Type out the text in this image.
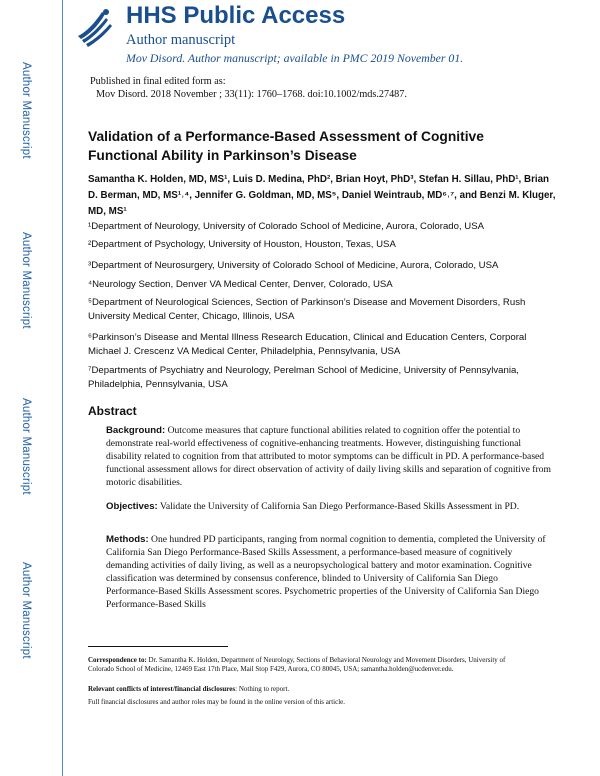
Author Manuscript
Author Manuscript
Author Manuscript
Author Manuscript
HHS Public Access
Author manuscript
Mov Disord. Author manuscript; available in PMC 2019 November 01.
Published in final edited form as:
Mov Disord. 2018 November ; 33(11): 1760–1768. doi:10.1002/mds.27487.
Validation of a Performance-Based Assessment of Cognitive Functional Ability in Parkinson’s Disease
Samantha K. Holden, MD, MS¹, Luis D. Medina, PhD², Brian Hoyt, PhD³, Stefan H. Sillau, PhD¹, Brian D. Berman, MD, MS¹˒⁴, Jennifer G. Goldman, MD, MS⁵, Daniel Weintraub, MD⁶˒⁷, and Benzi M. Kluger, MD, MS¹
¹Department of Neurology, University of Colorado School of Medicine, Aurora, Colorado, USA
²Department of Psychology, University of Houston, Houston, Texas, USA
³Department of Neurosurgery, University of Colorado School of Medicine, Aurora, Colorado, USA
⁴Neurology Section, Denver VA Medical Center, Denver, Colorado, USA
⁵Department of Neurological Sciences, Section of Parkinson’s Disease and Movement Disorders, Rush University Medical Center, Chicago, Illinois, USA
⁶Parkinson’s Disease and Mental Illness Research Education, Clinical and Education Centers, Corporal Michael J. Crescenz VA Medical Center, Philadelphia, Pennsylvania, USA
⁷Departments of Psychiatry and Neurology, Perelman School of Medicine, University of Pennsylvania, Philadelphia, Pennsylvania, USA
Abstract
Background: Outcome measures that capture functional abilities related to cognition offer the potential to demonstrate real-world effectiveness of cognitive-enhancing treatments. However, distinguishing functional disability related to cognition from that attributed to motor symptoms can be difficult in PD. A performance-based functional assessment allows for direct observation of activity of daily living skills and separation of cognitive from motoric disabilities.
Objectives: Validate the University of California San Diego Performance-Based Skills Assessment in PD.
Methods: One hundred PD participants, ranging from normal cognition to dementia, completed the University of California San Diego Performance-Based Skills Assessment, a performance-based measure of cognitively demanding activities of daily living, as well as a neuropsychological battery and motor examination. Cognitive classification was determined by consensus conference, blinded to University of California San Diego Performance-Based Skills Assessment scores. Psychometric properties of the University of California San Diego Performance-Based Skills
Correspondence to: Dr. Samantha K. Holden, Department of Neurology, Sections of Behavioral Neurology and Movement Disorders, University of Colorado School of Medicine, 12469 East 17th Place, Mail Stop F429, Aurora, CO 80045, USA; samantha.holden@ucdenver.edu.
Relevant conflicts of interest/financial disclosures: Nothing to report.
Full financial disclosures and author roles may be found in the online version of this article.
